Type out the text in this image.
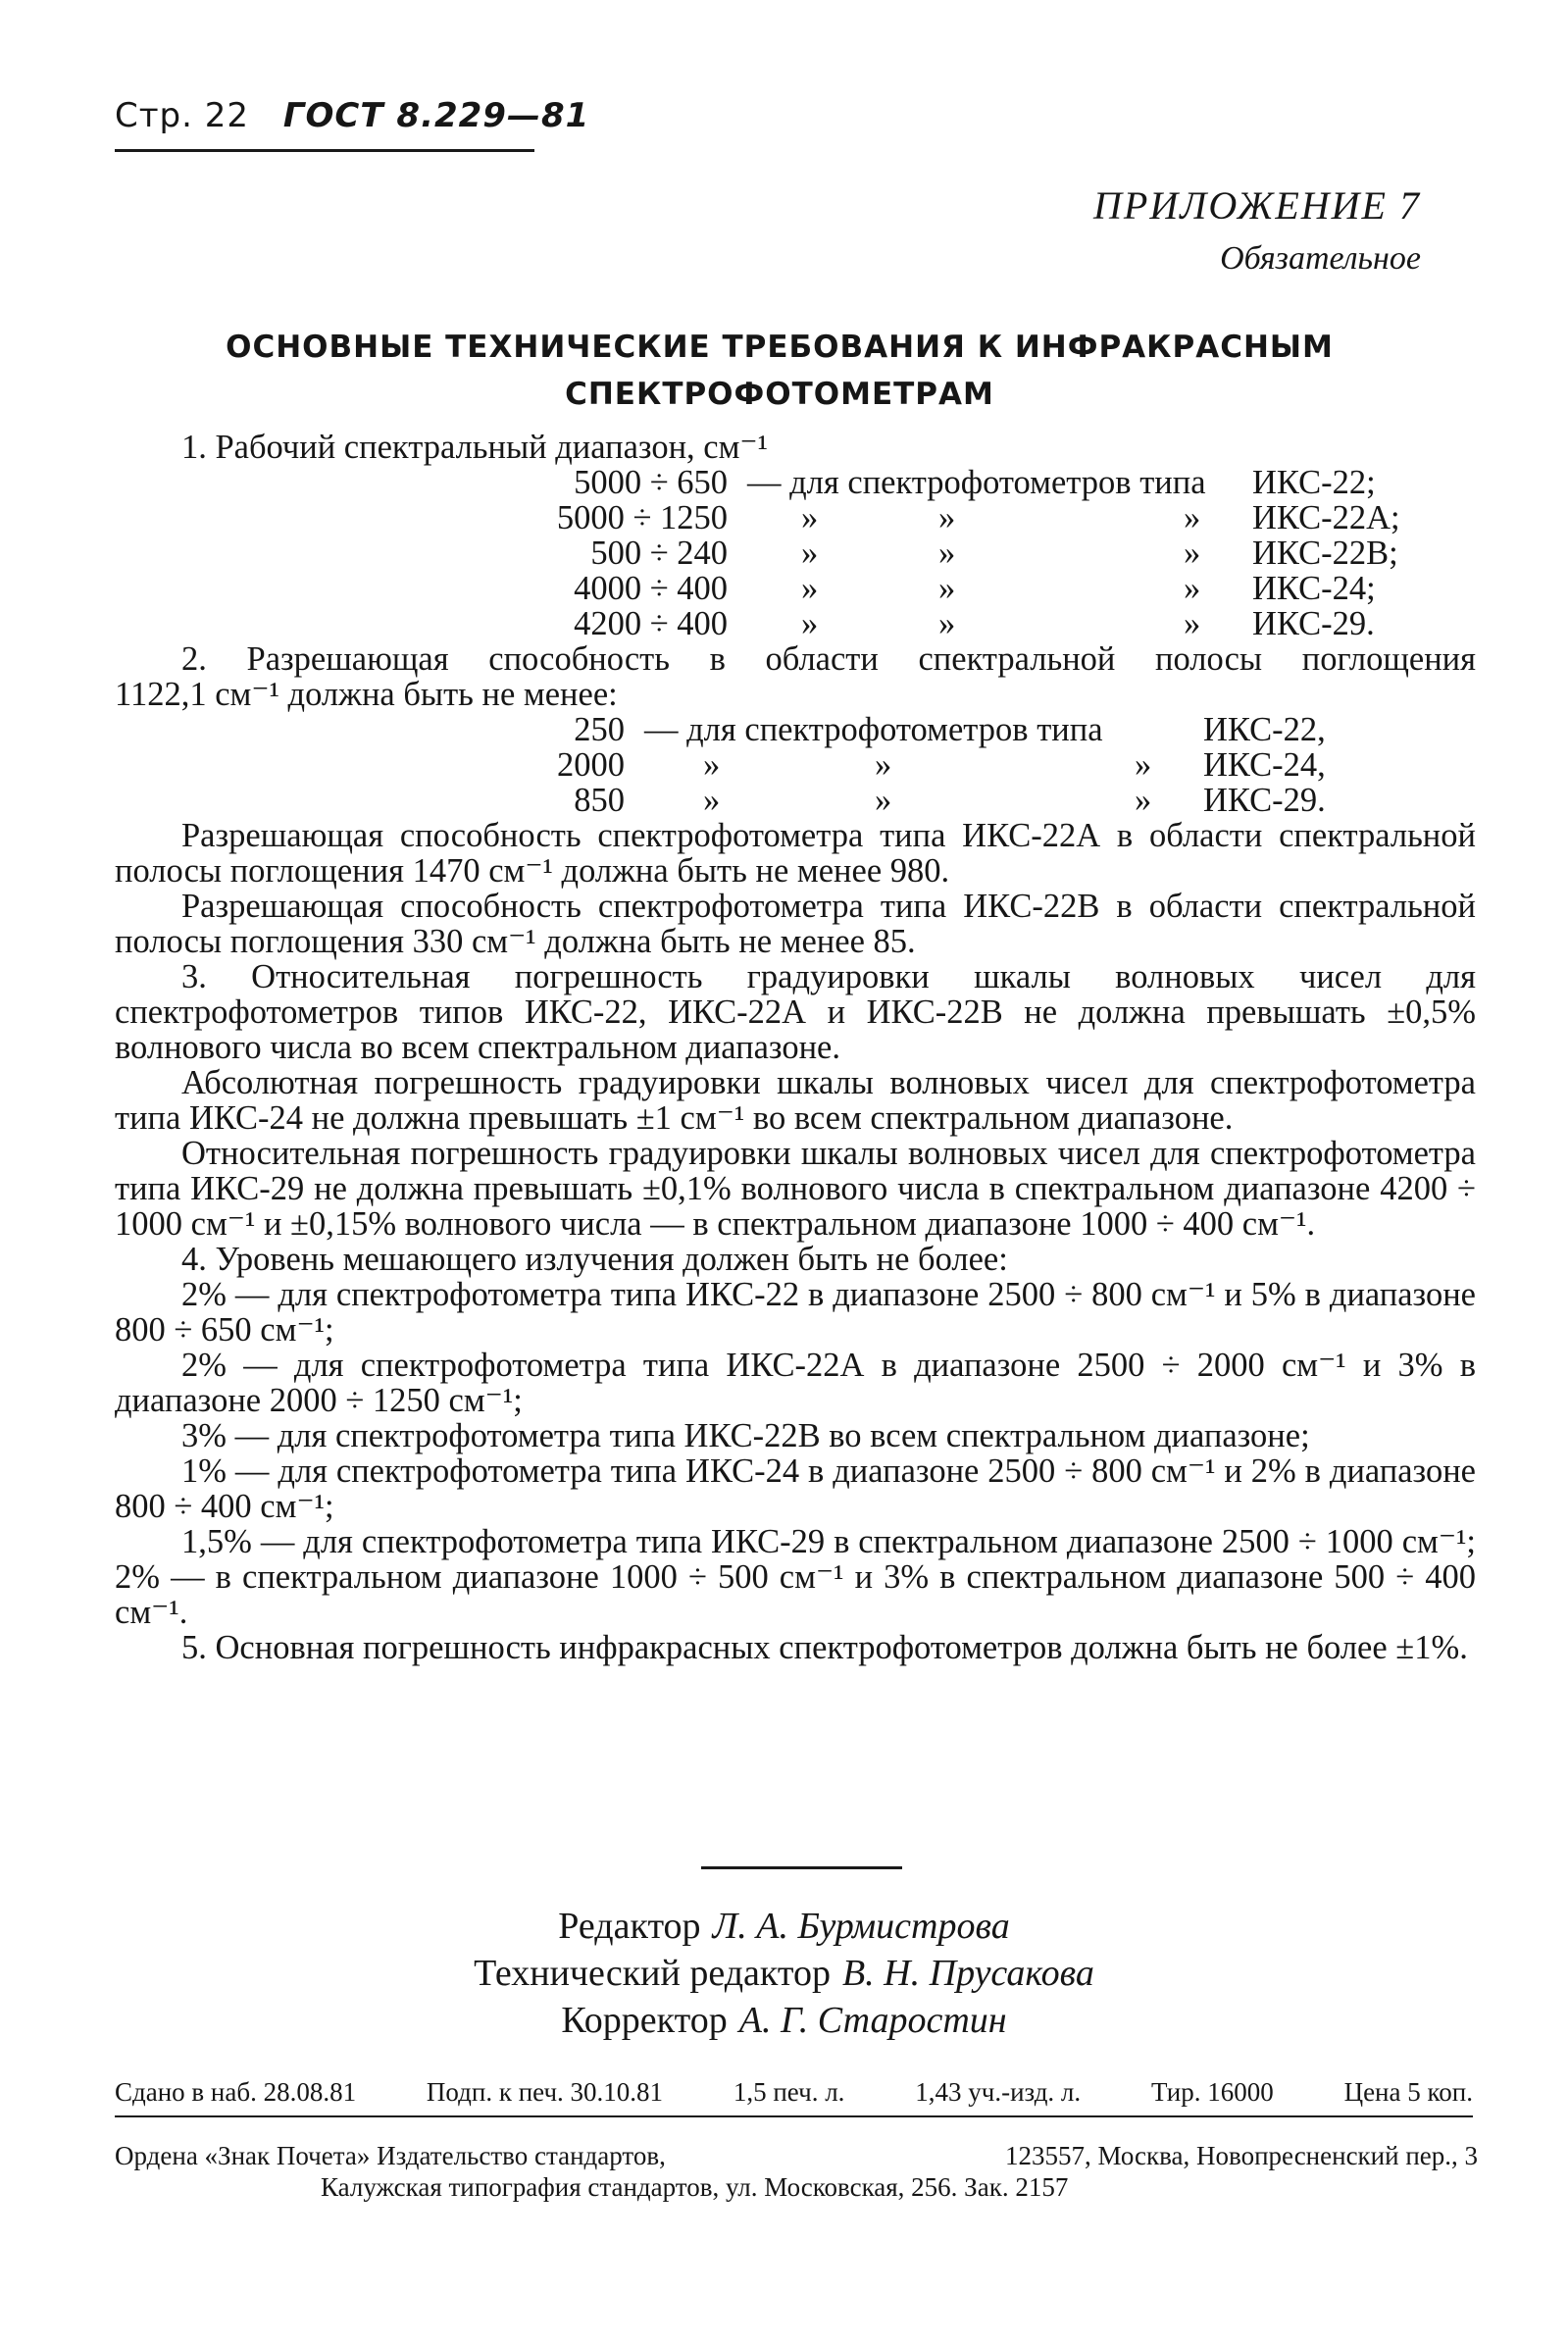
Стр. 22 ГОСТ 8.229—81
ПРИЛОЖЕНИЕ 7
Обязательное
ОСНОВНЫЕ ТЕХНИЧЕСКИЕ ТРЕБОВАНИЯ К ИНФРАКРАСНЫМ
СПЕКТРОФОТОМЕТРАМ

1. Рабочий спектральный диапазон, см⁻¹

5000 ÷ 650 — для спектрофотометров типа ИКС-22;
5000 ÷ 1250 »	»	» ИКС-22А;
500 ÷ 240 »	»	» ИКС-22В;
4000 ÷ 400 »	»	» ИКС-24;
4200 ÷ 400 »	»	» ИКС-29.

2. Разрешающая способность в области спектральной полосы поглощения

1122,1 см⁻¹ должна быть не менее:

250 — для спектрофотометров типа	ИКС-22,
2000 »	»	» ИКС-24,
850 »	»	» ИКС-29.

Разрешающая способность спектрофотометра типа ИКС-22А в области спектральной полосы поглощения 1470 см⁻¹ должна быть не менее 980.

Разрешающая способность спектрофотометра типа ИКС-22В в области спектральной полосы поглощения 330 см⁻¹ должна быть не менее 85.

3. Относительная погрешность градуировки шкалы волновых чисел для спектрофотометров типов ИКС-22, ИКС-22А и ИКС-22В не должна превышать ±0,5% волнового числа во всем спектральном диапазоне.

Абсолютная погрешность градуировки шкалы волновых чисел для спектрофотометра типа ИКС-24 не должна превышать ±1 см⁻¹ во всем спектральном диапазоне.

Относительная погрешность градуировки шкалы волновых чисел для спектрофотометра типа ИКС-29 не должна превышать ±0,1% волнового числа в спектральном диапазоне 4200 ÷ 1000 см⁻¹ и ±0,15% волнового числа — в спектральном диапазоне 1000 ÷ 400 см⁻¹.

4. Уровень мешающего излучения должен быть не более:

2% — для спектрофотометра типа ИКС-22 в диапазоне 2500 ÷ 800 см⁻¹ и 5% в диапазоне 800 ÷ 650 см⁻¹;

2% — для спектрофотометра типа ИКС-22А в диапазоне 2500 ÷ 2000 см⁻¹ и 3% в диапазоне 2000 ÷ 1250 см⁻¹;

3% — для спектрофотометра типа ИКС-22В во всем спектральном диапазоне;

1% — для спектрофотометра типа ИКС-24 в диапазоне 2500 ÷ 800 см⁻¹ и 2% в диапазоне 800 ÷ 400 см⁻¹;

1,5% — для спектрофотометра типа ИКС-29 в спектральном диапазоне 2500 ÷ 1000 см⁻¹; 2% — в спектральном диапазоне 1000 ÷ 500 см⁻¹ и 3% в спектральном диапазоне 500 ÷ 400 см⁻¹.

5. Основная погрешность инфракрасных спектрофотометров должна быть не более ±1%.

Редактор Л. А. Бурмистрова
Технический редактор В. Н. Прусакова
Корректор А. Г. Старостин
Сдано в наб. 28.08.81	Подп. к печ. 30.10.81	1,5 печ. л.	1,43 уч.-изд. л.	Тир. 16000	Цена 5 коп.
Ордена «Знак Почета» Издательство стандартов,	123557, Москва, Новопресненский пер., 3
Калужская типография стандартов, ул. Московская, 256. Зак. 2157
